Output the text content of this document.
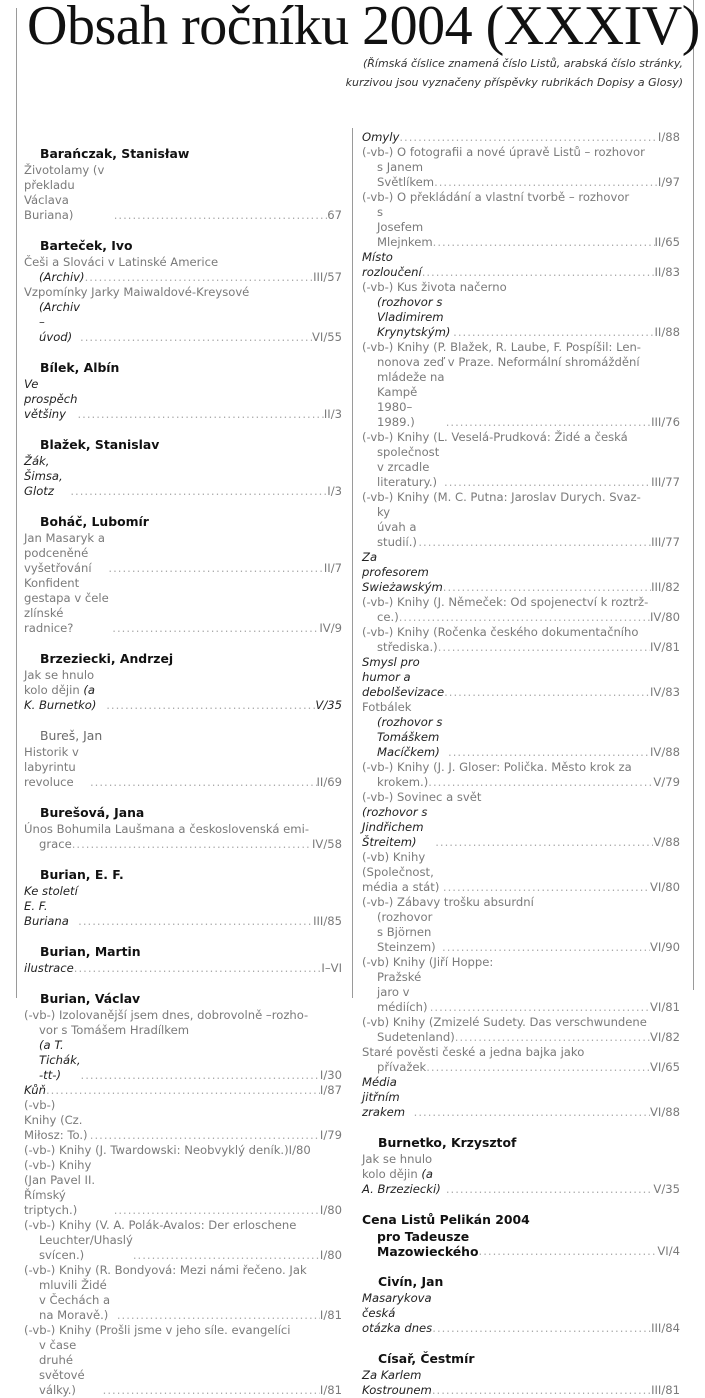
Obsah ročníku 2004 (XXXIV)
(Římská číslice znamená číslo Listů, arabská číslo stránky,
kurzivou jsou vyznačeny příspěvky rubrikách Dopisy a Glosy)
Barańczak, Stanisław
Životolamy (v překladu Václava Buriana) .....	67
Barteček, Ivo
Češi a Slováci v Latinské Americe
(Archiv) .....	III/57
Vzpomínky Jarky Maiwaldové-Kreysové
(Archiv – úvod) .....	VI/55
Bílek, Albín
Ve prospěch většiny .....	II/3
Blažek, Stanislav
Žák, Šimsa, Glotz .....	I/3
Boháč, Lubomír
Jan Masaryk a podceněné vyšetřování .....	II/7
Konfident gestapa v čele zlínské radnice? .....	IV/9
Brzeziecki, Andrzej
Jak se hnulo kolo dějin (a K. Burnetko) .....	V/35
Bureš, Jan
Historik v labyrintu revoluce .....	II/69
Burešová, Jana
Únos Bohumila Laušmana a československá emi-
grace .....	IV/58
Burian, E. F.
Ke století E. F. Buriana .....	III/85
Burian, Martin
ilustrace .....	I–VI
Burian, Václav
(-vb-) Izolovanější jsem dnes, dobrovolně –rozho-
vor s Tomášem Hradílkem
(a T. Tichák, -tt-) .....	I/30
Kůň .....	I/87
(-vb-) Knihy (Cz. Miłosz: To.) .....	I/79
(-vb-) Knihy (J. Twardowski: Neobvyklý deník.) I/80
(-vb-) Knihy (Jan Pavel II. Římský triptych.) .....	I/80
(-vb-) Knihy (V. A. Polák-Avalos: Der erloschene
Leuchter/Uhaslý svícen.) .....	I/80
(-vb-) Knihy (R. Bondyová: Mezi námi řečeno. Jak
mluvili Židé v Čechách a na Moravě.) .....	I/81
(-vb-) Knihy (Prošli jsme v jeho síle. evangelíci
v čase druhé světové války.) .....	I/81
Omyly .....	I/88
(-vb-) O fotografii a nové úpravě Listů – rozhovor
s Janem Světlíkem .....	I/97
(-vb-) O překládání a vlastní tvorbě – rozhovor
s Josefem Mlejnkem .....	II/65
Místo rozloučení .....	II/83
(-vb-) Kus života načerno
(rozhovor s Vladimirem Krynytským) .....	II/88
(-vb-) Knihy (P. Blažek, R. Laube, F. Pospíšil: Len-
nonova zeď v Praze. Neformální shromáždění
mládeže na Kampě 1980–1989.) .....	III/76
(-vb-) Knihy (L. Veselá-Prudková: Židé a česká
společnost v zrcadle literatury.) .....	III/77
(-vb-) Knihy (M. C. Putna: Jaroslav Durych. Svaz-
ky úvah a studií.) .....	III/77
Za profesorem Swieżawským .....	III/82
(-vb-) Knihy (J. Němeček: Od spojenectví k roztrž-
ce.) .....	IV/80
(-vb-) Knihy (Ročenka českého dokumentačního
střediska.) .....	IV/81
Smysl pro humor a debolševizace .....	IV/83
Fotbálek
(rozhovor s Tomáškem Macíčkem) .....	IV/88
(-vb-) Knihy (J. J. Gloser: Polička. Město krok za
krokem.) .....	V/79
(-vb-) Sovinec a svět
(rozhovor s Jindřichem Štreitem) .....	V/88
(-vb) Knihy (Společnost, média a stát) .....	VI/80
(-vb-) Zábavy trošku absurdní
(rozhovor s Björnen Steinzem) .....	VI/90
(-vb) Knihy (Jiří Hoppe:
Pražské jaro v médiích) .....	VI/81
(-vb) Knihy (Zmizelé Sudety. Das verschwundene
Sudetenland) .....	VI/82
Staré pověsti české a jedna bajka jako
přívažek .....	VI/65
Média jitřním zrakem .....	VI/88
Burnetko, Krzysztof
Jak se hnulo kolo dějin (a A. Brzeziecki) .....	V/35
Cena Listů Pelikán 2004
pro Tadeusze Mazowieckého .....	VI/4
Civín, Jan
Masarykova česká otázka dnes .....	III/84
Císař, Čestmír
Za Karlem Kostrounem .....	III/81
